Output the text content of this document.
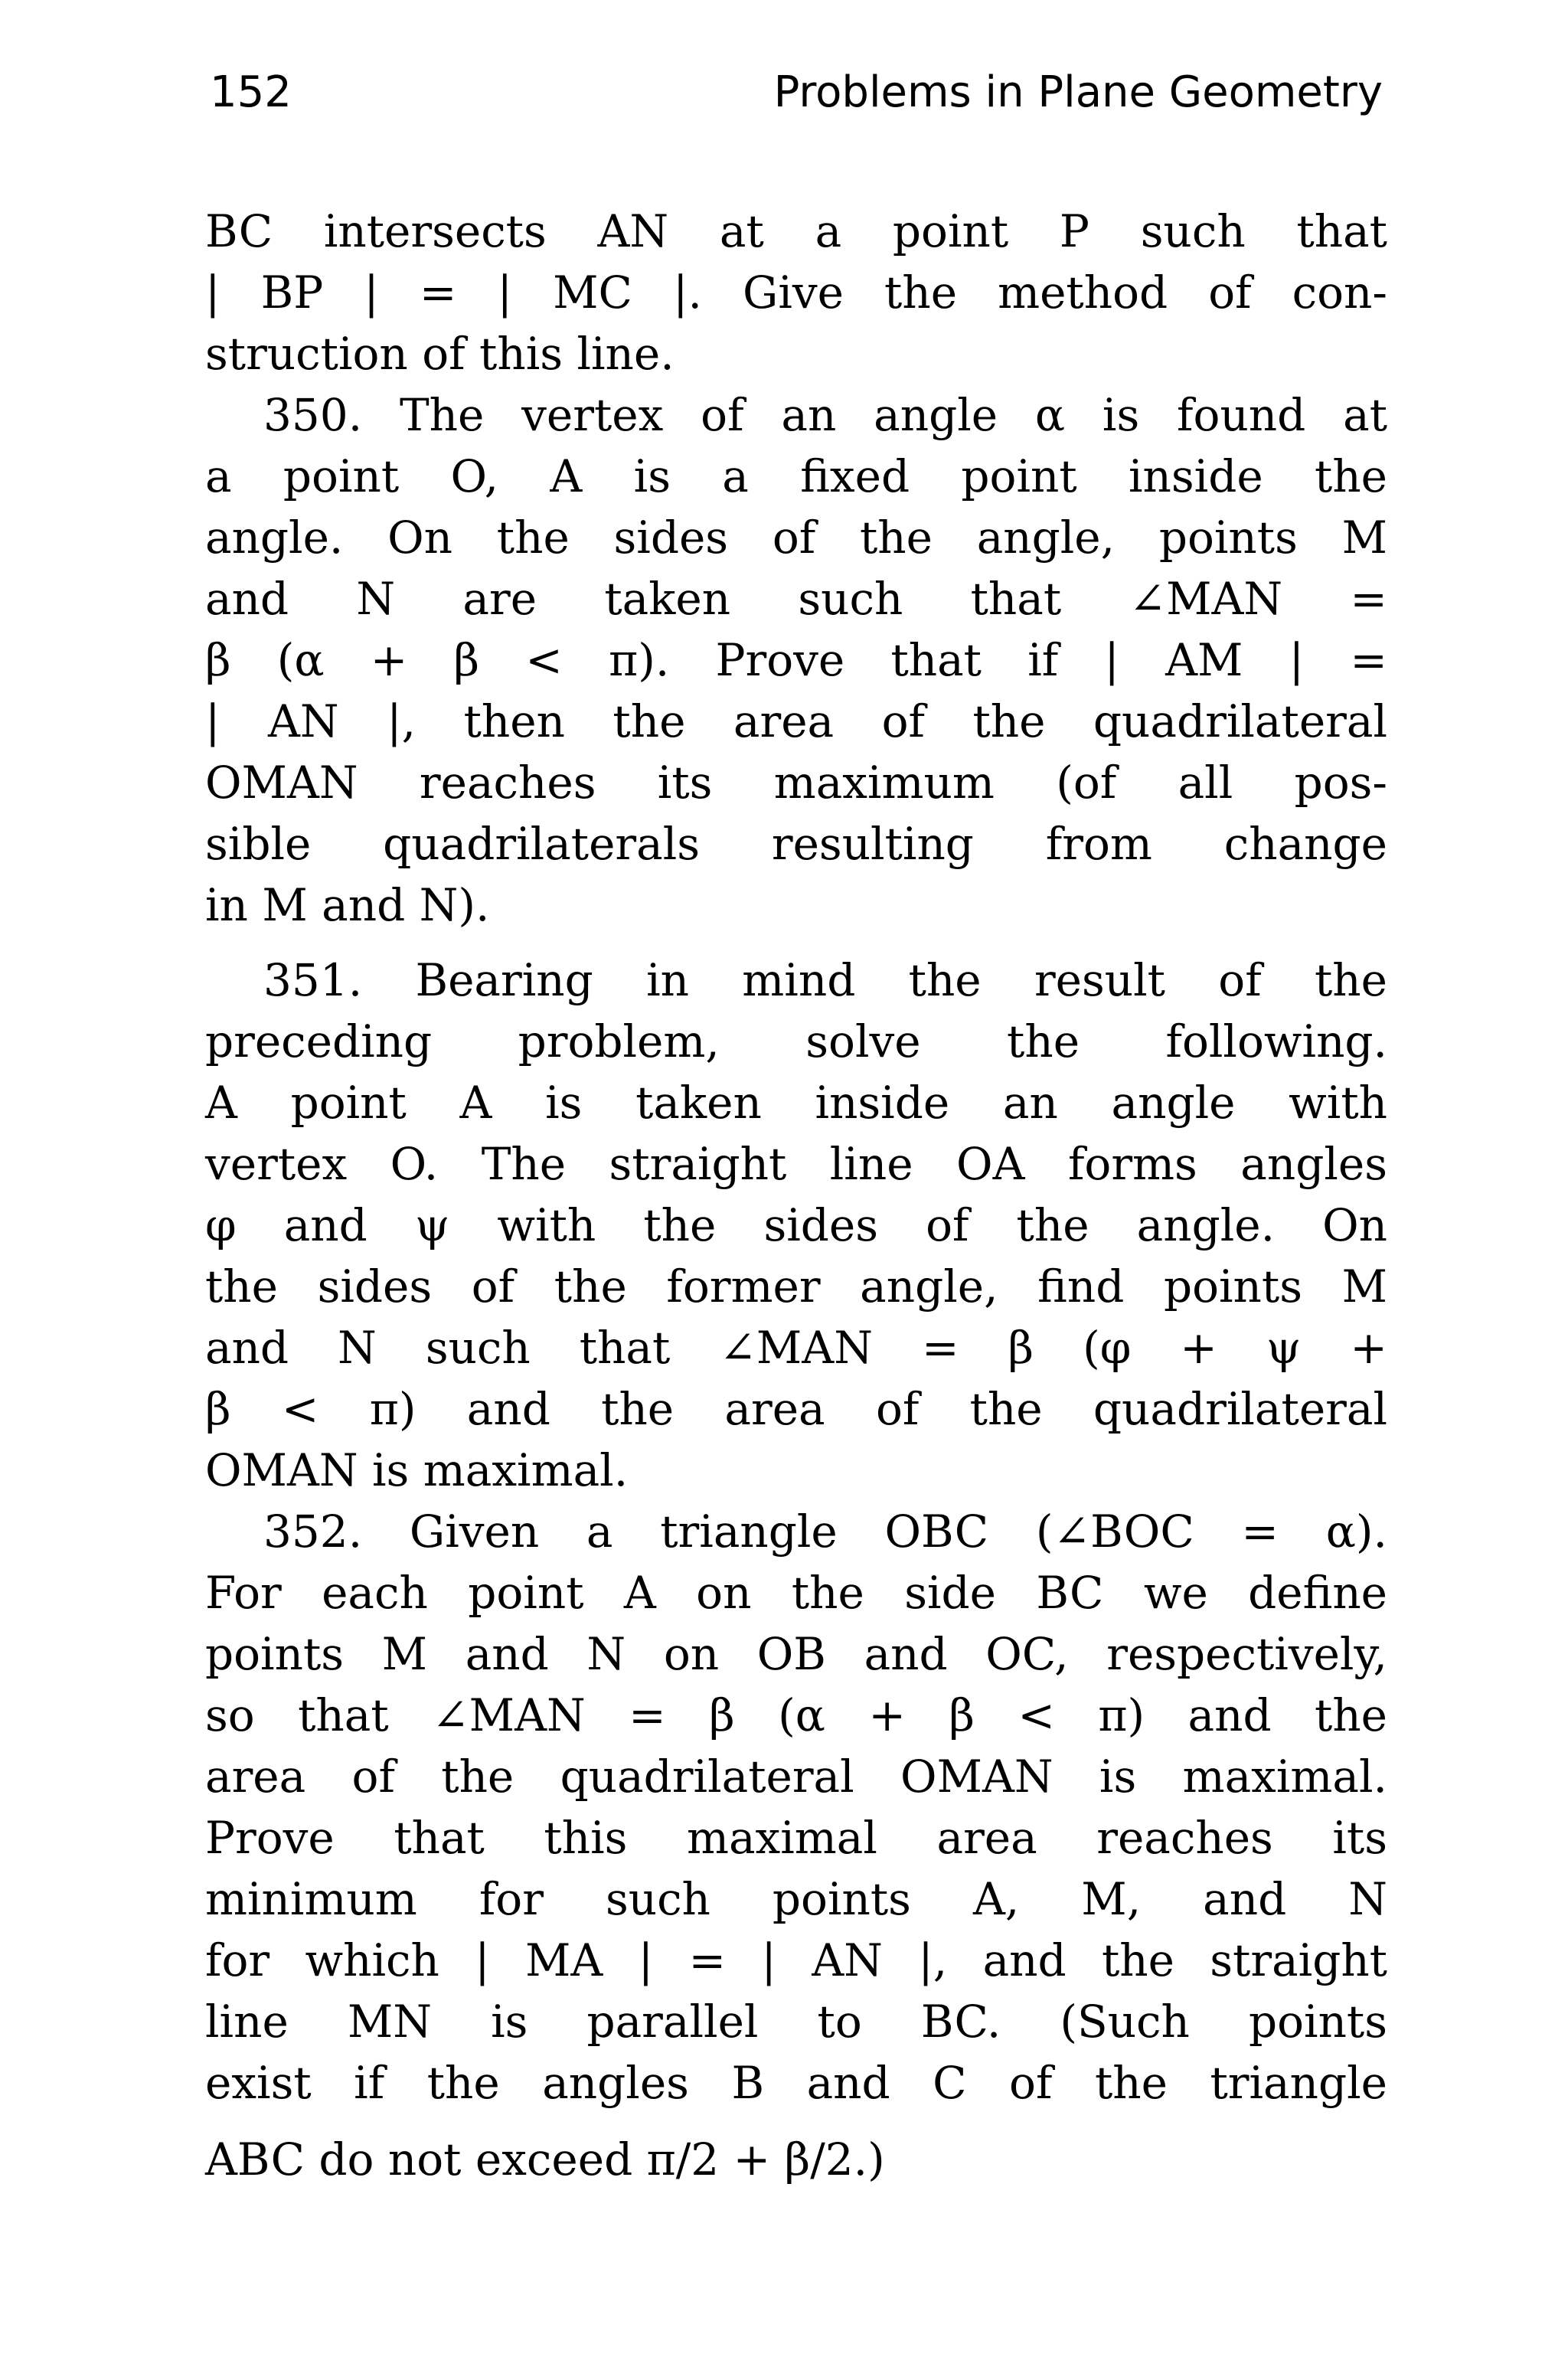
152	Problems in Plane Geometry
BC intersects AN at a point P such that
| BP | = | MC |. Give the method of con-
struction of this line.
350. The vertex of an angle α is found at
a point O, A is a fixed point inside the
angle. On the sides of the angle, points M
and N are taken such that ∠MAN =
β (α + β < π). Prove that if | AM | =
| AN |, then the area of the quadrilateral
OMAN reaches its maximum (of all pos-
sible quadrilaterals resulting from change
in M and N).
351. Bearing in mind the result of the
preceding problem, solve the following.
A point A is taken inside an angle with
vertex O. The straight line OA forms angles
φ and ψ with the sides of the angle. On
the sides of the former angle, find points M
and N such that ∠MAN = β (φ + ψ +
β < π) and the area of the quadrilateral
OMAN is maximal.
352. Given a triangle OBC (∠BOC = α).
For each point A on the side BC we define
points M and N on OB and OC, respectively,
so that ∠MAN = β (α + β < π) and the
area of the quadrilateral OMAN is maximal.
Prove that this maximal area reaches its
minimum for such points A, M, and N
for which | MA | = | AN |, and the straight
line MN is parallel to BC. (Such points
exist if the angles B and C of the triangle
ABC do not exceed π/2 + β/2.)
